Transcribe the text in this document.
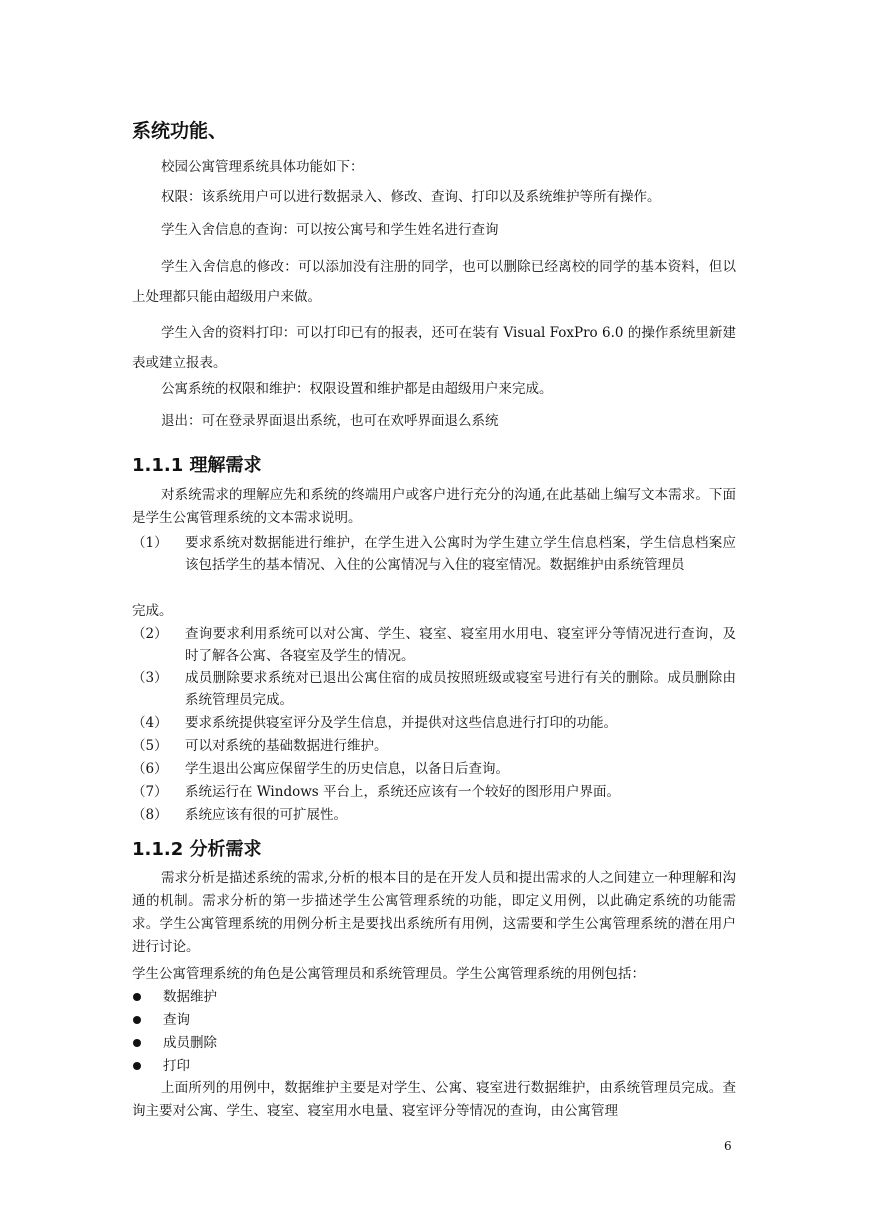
系统功能、
校园公寓管理系统具体功能如下：
权限：该系统用户可以进行数据录入、修改、查询、打印以及系统维护等所有操作。
学生入舍信息的查询：可以按公寓号和学生姓名进行查询
学生入舍信息的修改：可以添加没有注册的同学，也可以删除已经离校的同学的基本资料，但以上处理都只能由超级用户来做。
学生入舍的资料打印：可以打印已有的报表，还可在装有 Visual FoxPro 6.0 的操作系统里新建表或建立报表。
公寓系统的权限和维护：权限设置和维护都是由超级用户来完成。
退出：可在登录界面退出系统，也可在欢呼界面退么系统
1.1.1 理解需求
对系统需求的理解应先和系统的终端用户或客户进行充分的沟通,在此基础上编写文本需求。下面是学生公寓管理系统的文本需求说明。
（1）	要求系统对数据能进行维护，在学生进入公寓时为学生建立学生信息档案，学生信息档案应该包括学生的基本情况、入住的公寓情况与入住的寝室情况。数据维护由系统管理员
完成。
（2）	查询要求利用系统可以对公寓、学生、寝室、寝室用水用电、寝室评分等情况进行查询，及时了解各公寓、各寝室及学生的情况。
（3）	成员删除要求系统对已退出公寓住宿的成员按照班级或寝室号进行有关的删除。成员删除由系统管理员完成。
（4）	要求系统提供寝室评分及学生信息，并提供对这些信息进行打印的功能。
（5）	可以对系统的基础数据进行维护。
（6）	学生退出公寓应保留学生的历史信息，以备日后查询。
（7）	系统运行在 Windows 平台上，系统还应该有一个较好的图形用户界面。
（8）	系统应该有很的可扩展性。
1.1.2 分析需求
需求分析是描述系统的需求,分析的根本目的是在开发人员和提出需求的人之间建立一种理解和沟通的机制。需求分析的第一步描述学生公寓管理系统的功能，即定义用例，以此确定系统的功能需求。学生公寓管理系统的用例分析主是要找出系统所有用例，这需要和学生公寓管理系统的潜在用户进行讨论。
学生公寓管理系统的角色是公寓管理员和系统管理员。学生公寓管理系统的用例包括：
数据维护
查询
成员删除
打印
上面所列的用例中，数据维护主要是对学生、公寓、寝室进行数据维护，由系统管理员完成。查询主要对公寓、学生、寝室、寝室用水电量、寝室评分等情况的查询，由公寓管理
6
